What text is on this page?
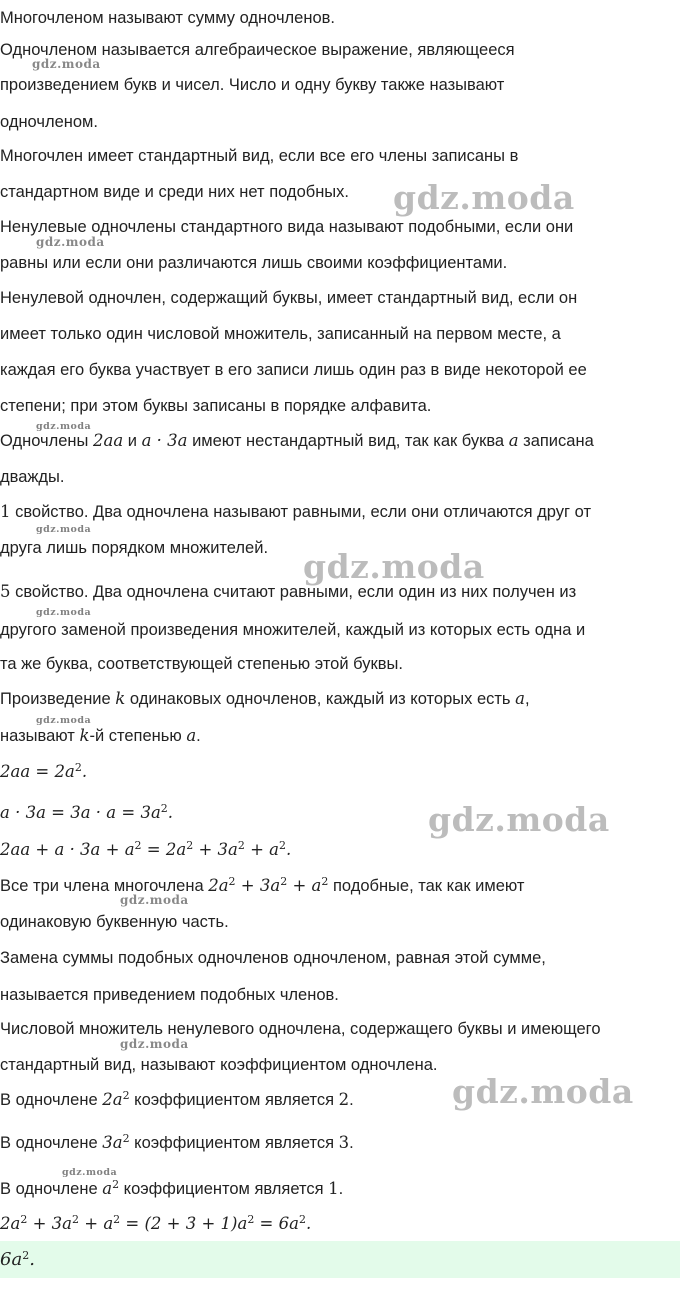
Многочленом называют сумму одночленов.
Одночленом называется алгебраическое выражение, являющееся
произведением букв и чисел. Число и одну букву также называют
одночленом.
Многочлен имеет стандартный вид, если все его члены записаны в
стандартном виде и среди них нет подобных.
Ненулевые одночлены стандартного вида называют подобными, если они
равны или если они различаются лишь своими коэффициентами.
Ненулевой одночлен, содержащий буквы, имеет стандартный вид, если он
имеет только один числовой множитель, записанный на первом месте, а
каждая его буква участвует в его записи лишь один раз в виде некоторой ее
степени; при этом буквы записаны в порядке алфавита.
Одночлены 2aa и a · 3a имеют нестандартный вид, так как буква a записана
дважды.
1 свойство. Два одночлена называют равными, если они отличаются друг от
друга лишь порядком множителей.
5 свойство. Два одночлена считают равными, если один из них получен из
другого заменой произведения множителей, каждый из которых есть одна и
та же буква, соответствующей степенью этой буквы.
Произведение k одинаковых одночленов, каждый из которых есть a,
называют k-й степенью a.
$2aa = 2a^2$.
$a \cdot 3a = 3a \cdot a = 3a^2$.
$2aa + a \cdot 3a + a^2 = 2a^2 + 3a^2 + a^2$.
Все три члена многочлена $2a^2 + 3a^2 + a^2$ подобные, так как имеют
одинаковую буквенную часть.
Замена суммы подобных одночленов одночленом, равная этой сумме,
называется приведением подобных членов.
Числовой множитель ненулевого одночлена, содержащего буквы и имеющего
стандартный вид, называют коэффициентом одночлена.
В одночлене $2a^2$ коэффициентом является 2.
В одночлене $3a^2$ коэффициентом является 3.
В одночлене $a^2$ коэффициентом является 1.
$2a^2 + 3a^2 + a^2 = (2 + 3 + 1)a^2 = 6a^2$.
$6a^2$.
gdz.moda
gdz.moda
gdz.moda
gdz.moda
gdz.moda
gdz.moda
gdz.moda
gdz.moda
gdz.moda
gdz.moda
gdz.moda
gdz.moda
gdz.moda
